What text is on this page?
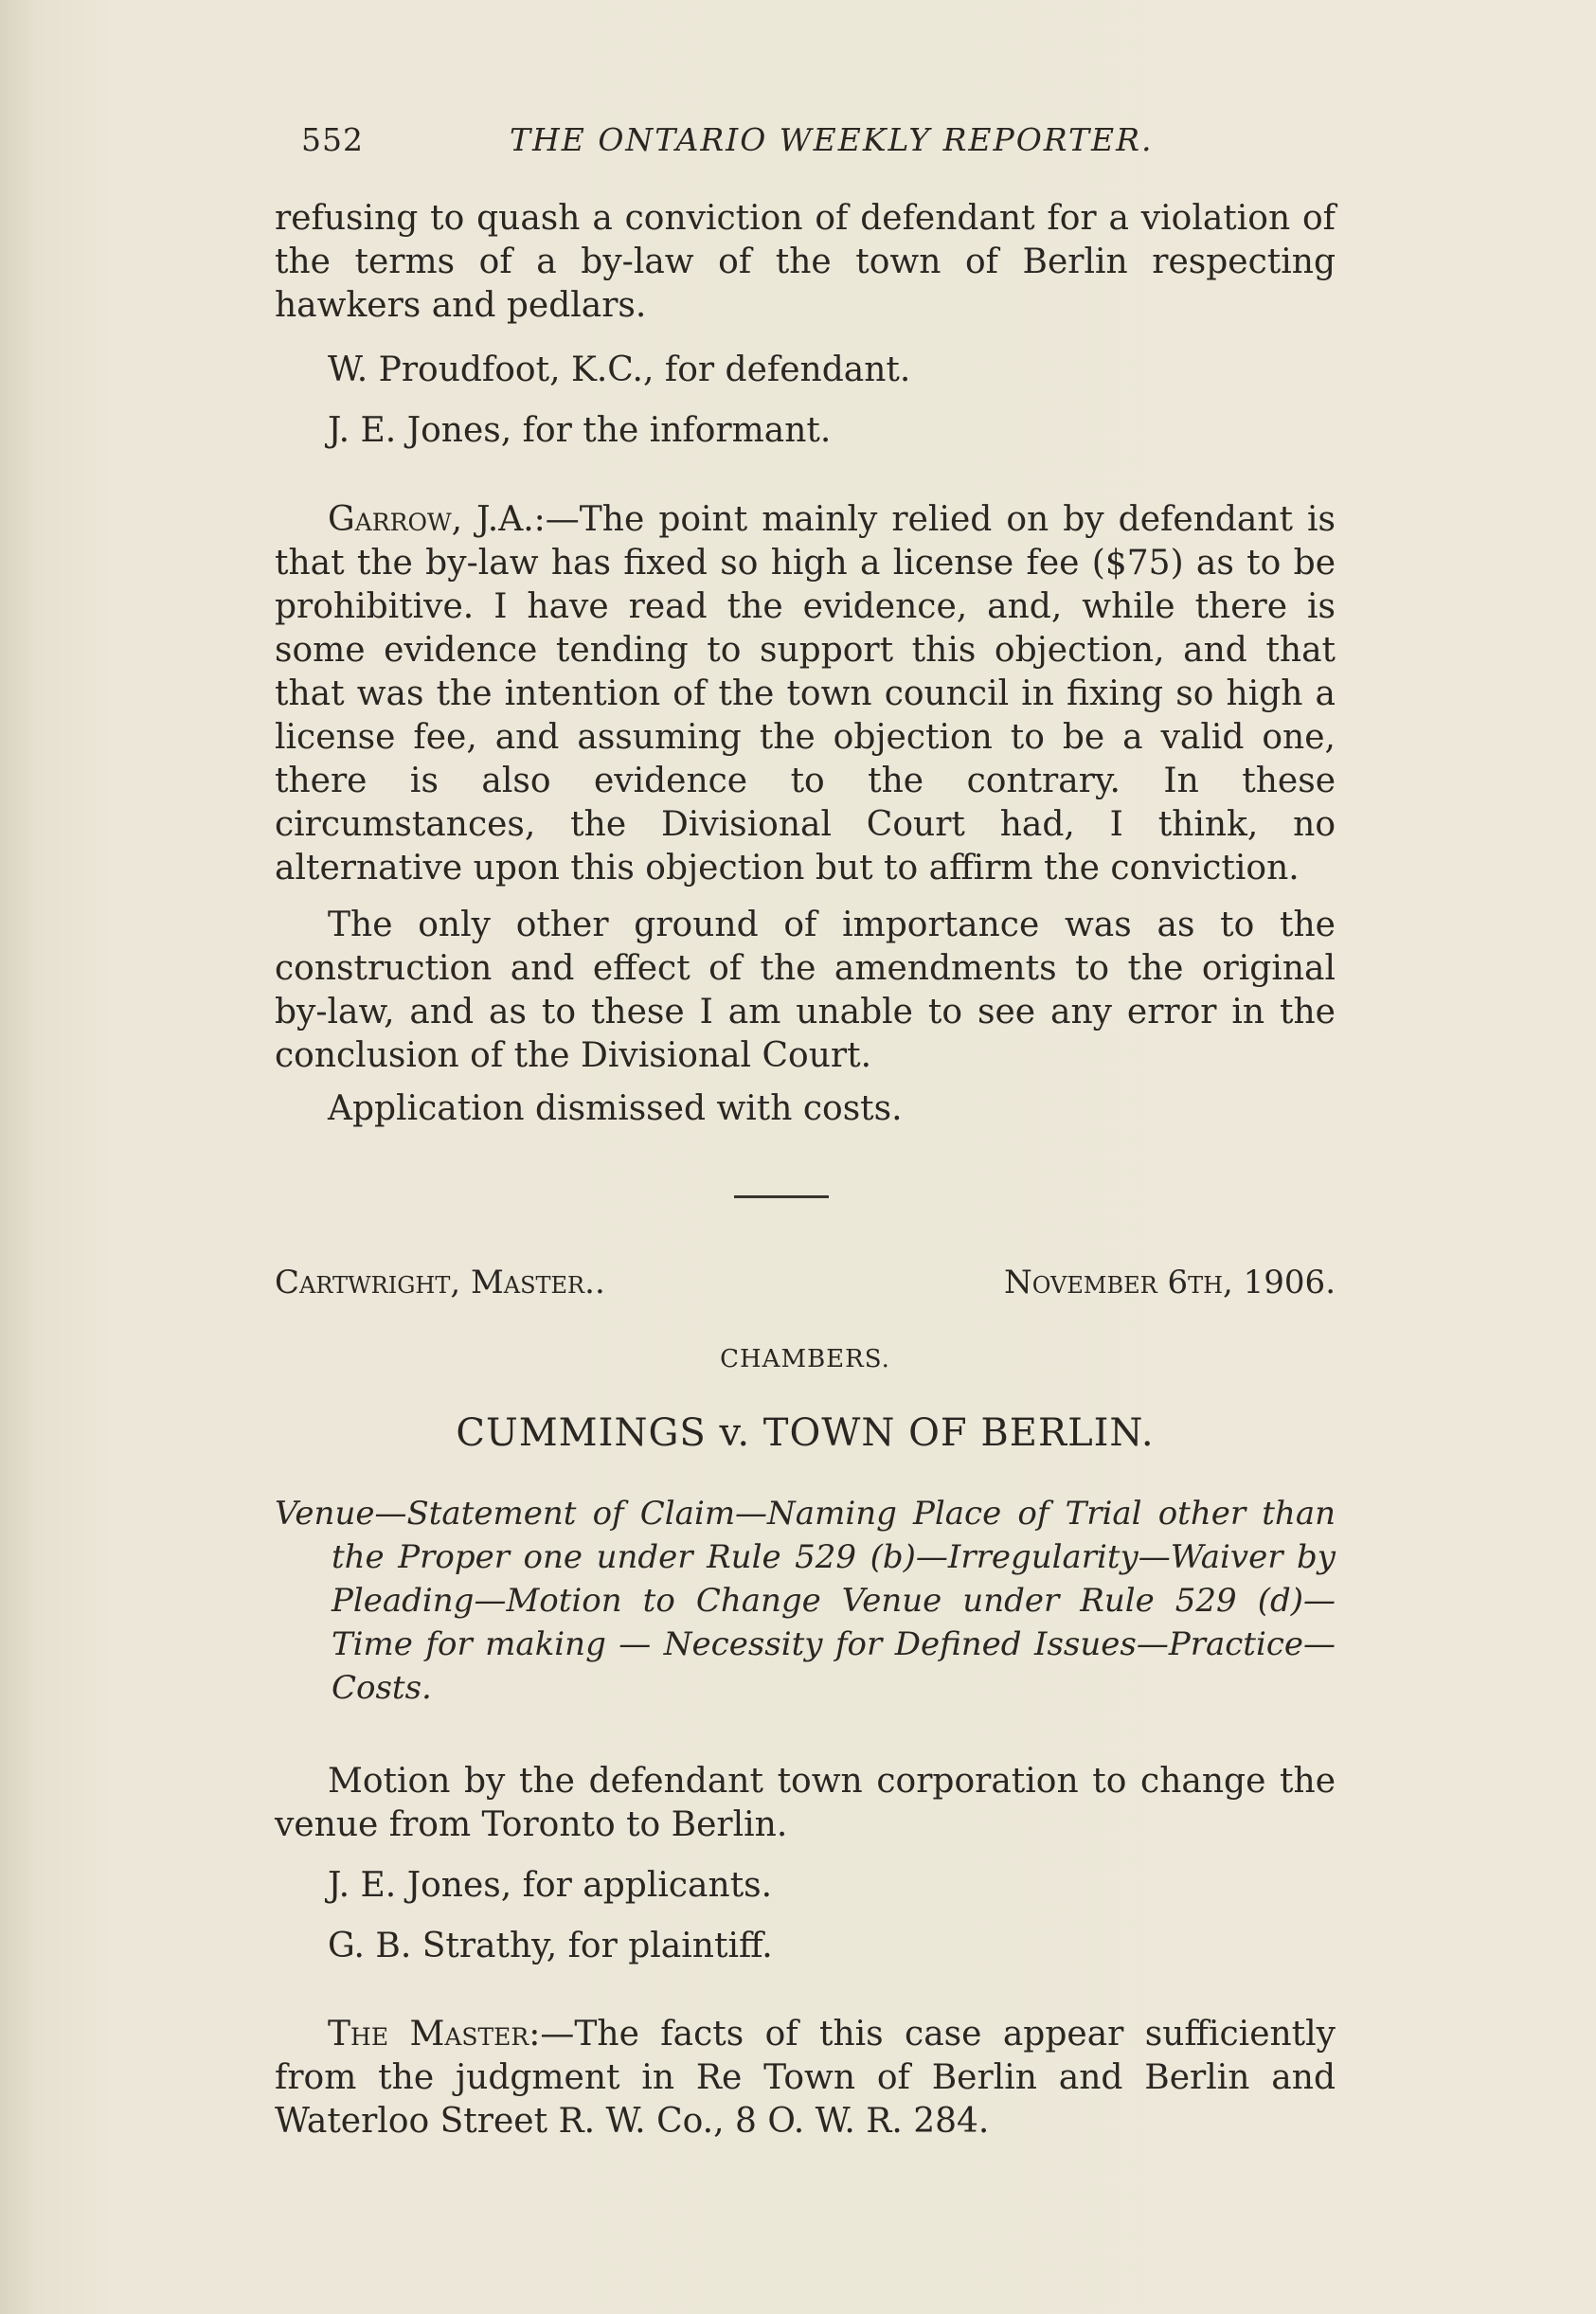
552	THE ONTARIO WEEKLY REPORTER.

refusing to quash a conviction of defendant for a violation of the terms of a by-law of the town of Berlin respecting hawkers and pedlars.

W. Proudfoot, K.C., for defendant.

J. E. Jones, for the informant.

Garrow, J.A.:—The point mainly relied on by defendant is that the by-law has fixed so high a license fee ($75) as to be prohibitive. I have read the evidence, and, while there is some evidence tending to support this objection, and that that was the intention of the town council in fixing so high a license fee, and assuming the objection to be a valid one, there is also evidence to the contrary. In these circumstances, the Divisional Court had, I think, no alternative upon this objection but to affirm the conviction.

The only other ground of importance was as to the construction and effect of the amendments to the original by-law, and as to these I am unable to see any error in the conclusion of the Divisional Court.

Application dismissed with costs.

Cartwright, Master..	November 6th, 1906.
CHAMBERS.
CUMMINGS v. TOWN OF BERLIN.

Venue—Statement of Claim—Naming Place of Trial other than the Proper one under Rule 529 (b)—Irregularity—Waiver by Pleading—Motion to Change Venue under Rule 529 (d)—Time for making — Necessity for Defined Issues—Practice—Costs.

Motion by the defendant town corporation to change the venue from Toronto to Berlin.

J. E. Jones, for applicants.

G. B. Strathy, for plaintiff.

The Master:—The facts of this case appear sufficiently from the judgment in Re Town of Berlin and Berlin and Waterloo Street R. W. Co., 8 O. W. R. 284.
